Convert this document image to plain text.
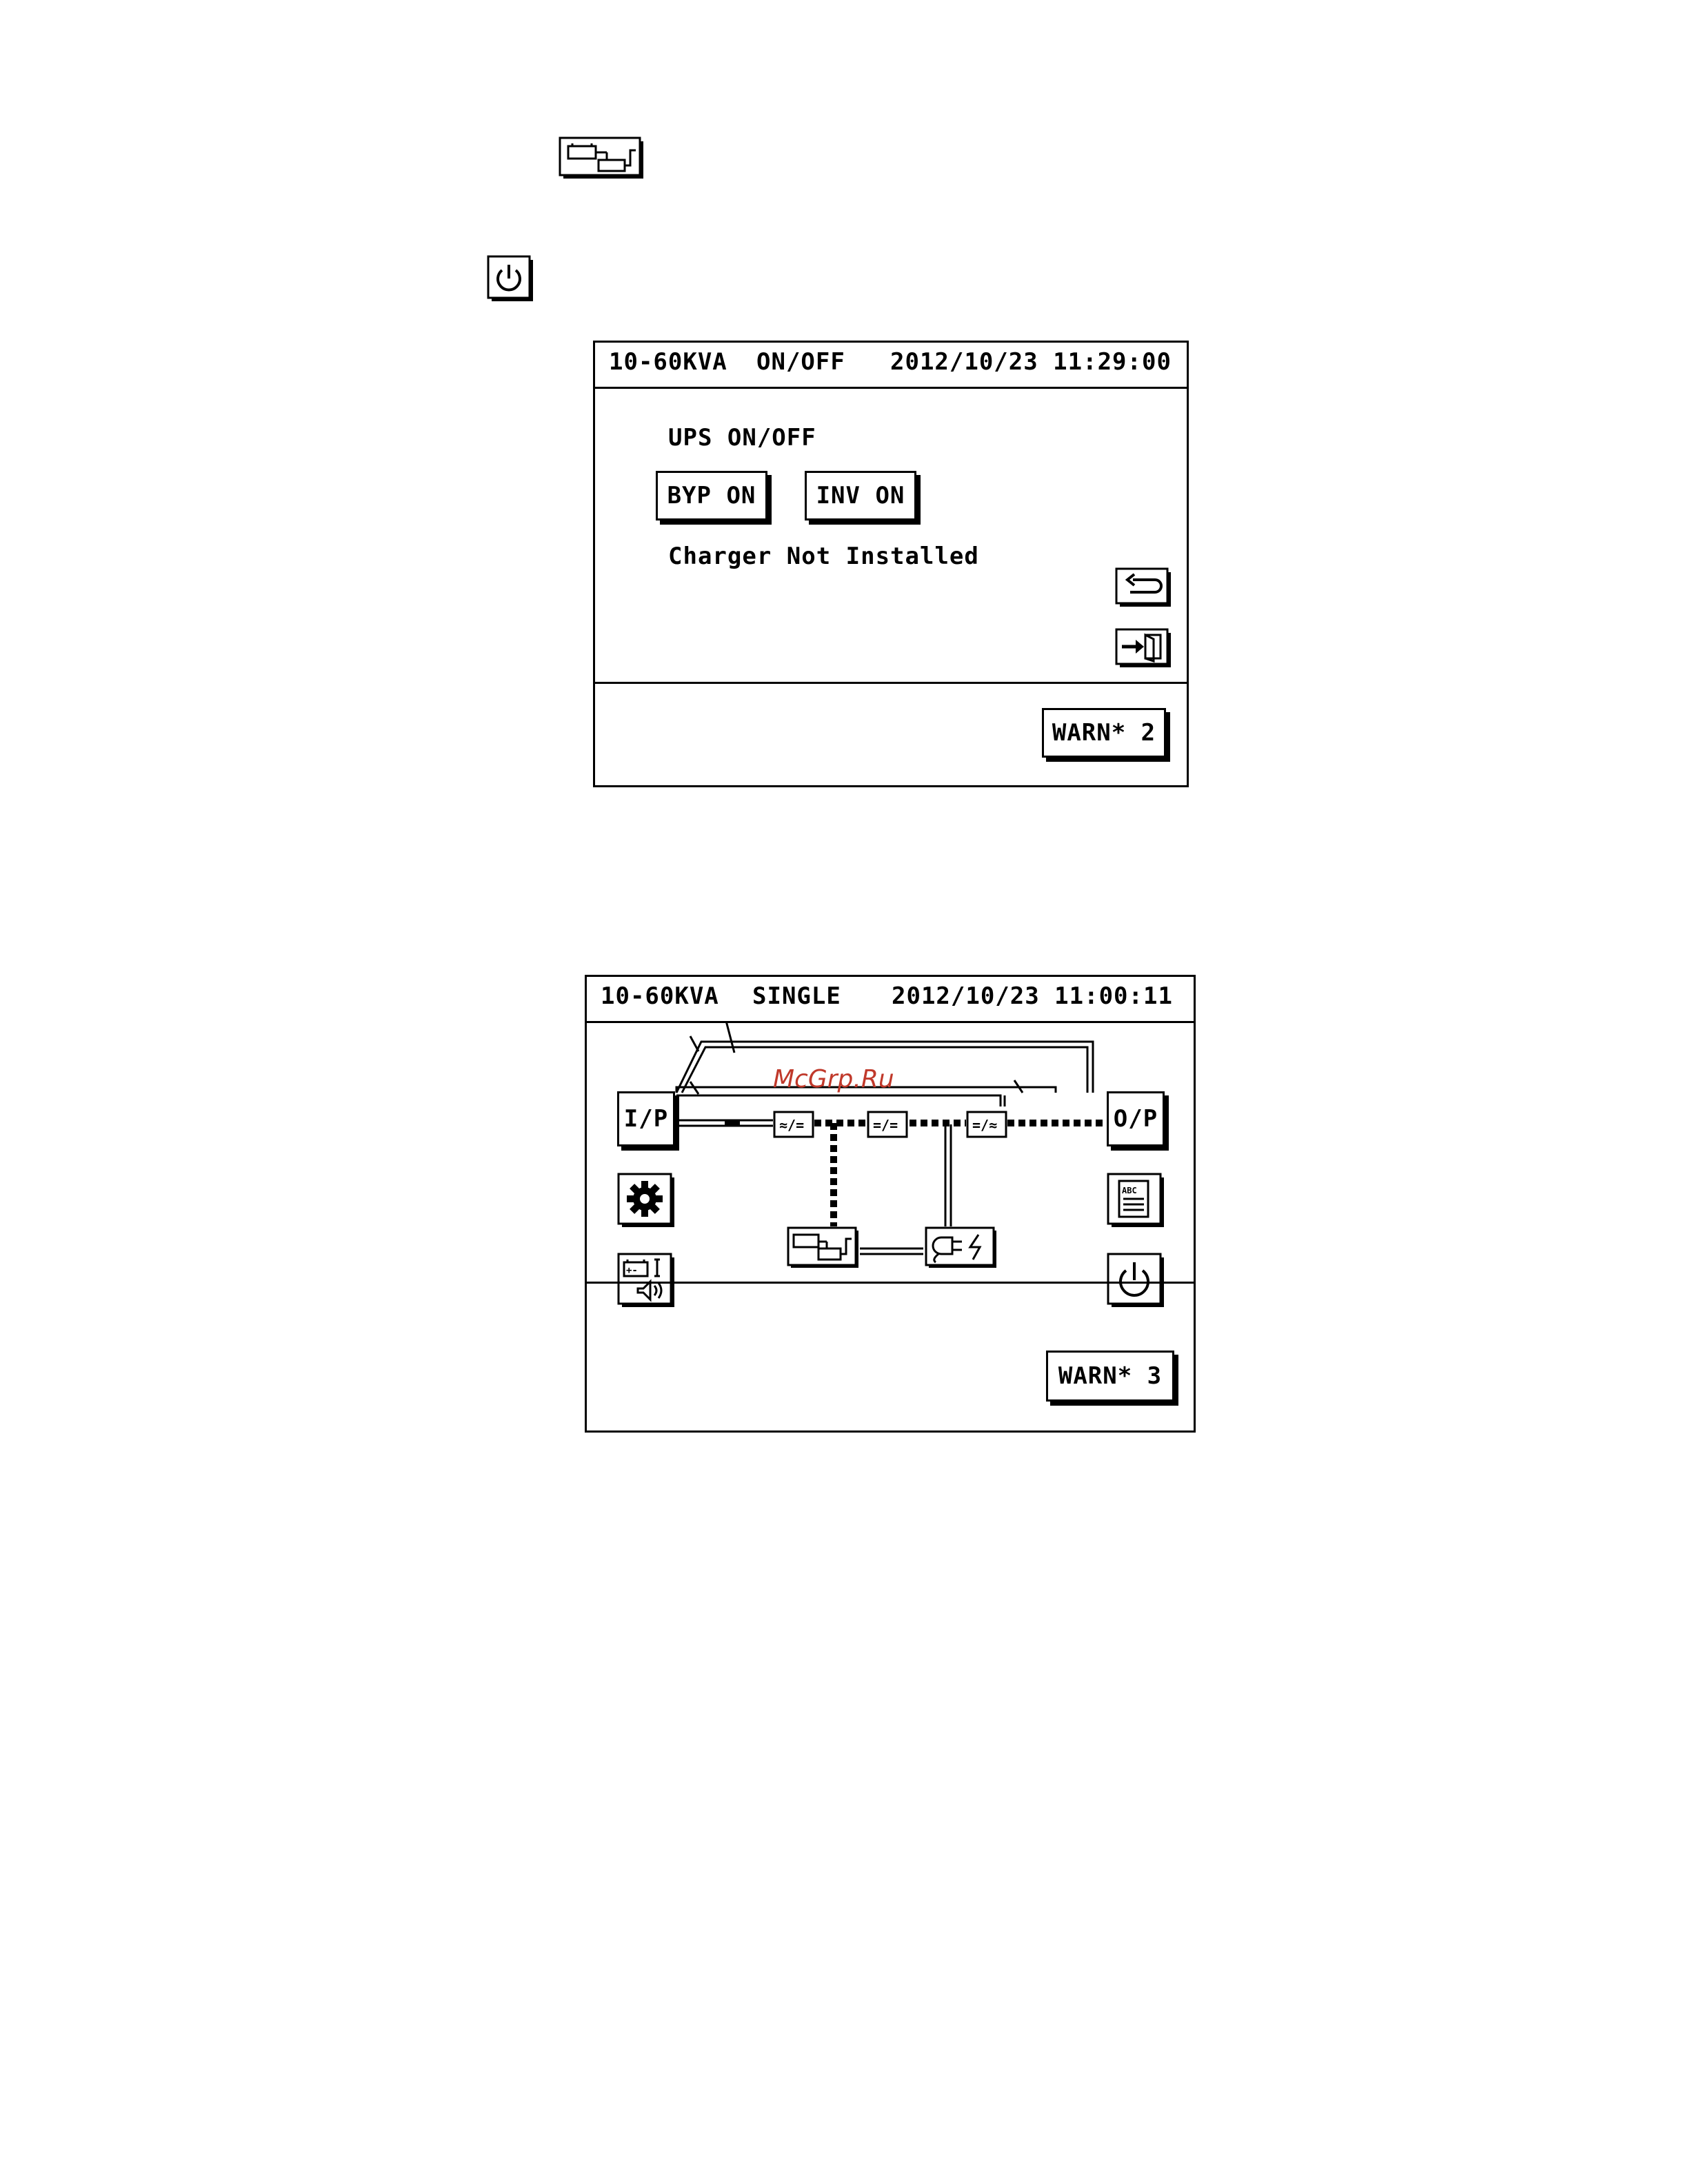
10-60KVA ON/OFF 2012/10/23 11:29:00
UPS ON/OFF
BYP ON	INV ON
Charger Not Installed
WARN* 2
10-60KVA SINGLE 2012/10/23 11:00:11
≈/=	=/=	=/≈
McGrp.Ru
I/P	O/P
+-
ABC
WARN* 3
